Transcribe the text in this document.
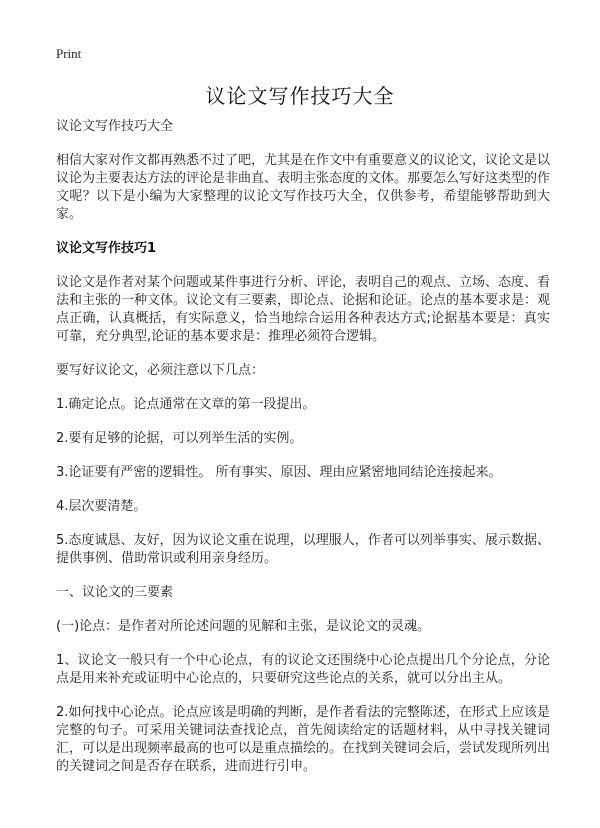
Print
议论文写作技巧大全

议论文写作技巧大全

相信大家对作文都再熟悉不过了吧，尤其是在作文中有重要意义的议论文，议论文是以议论为主要表达方法的评论是非曲直、表明主张态度的文体。那要怎么写好这类型的作文呢？以下是小编为大家整理的议论文写作技巧大全，仅供参考，希望能够帮助到大家。

议论文写作技巧1

议论文是作者对某个问题或某件事进行分析、评论，表明自己的观点、立场、态度、看法和主张的一种文体。议论文有三要素，即论点、论据和论证。论点的基本要求是：观点正确，认真概括，有实际意义，恰当地综合运用各种表达方式;论据基本要是：真实可靠，充分典型,论证的基本要求是：推理必须符合逻辑。

要写好议论文，必须注意以下几点：

1.确定论点。论点通常在文章的第一段提出。

2.要有足够的论据，可以列举生活的实例。

3.论证要有严密的逻辑性。 所有事实、原因、理由应紧密地同结论连接起来。

4.层次要清楚。

5.态度诚恳、友好，因为议论文重在说理，以理服人，作者可以列举事实、展示数据、提供事例、借助常识或利用亲身经历。

一、议论文的三要素

(一)论点：是作者对所论述问题的见解和主张，是议论文的灵魂。

1、议论文一般只有一个中心论点，有的议论文还围绕中心论点提出几个分论点，分论点是用来补充或证明中心论点的，只要研究这些论点的关系，就可以分出主从。

2.如何找中心论点。论点应该是明确的判断，是作者看法的完整陈述，在形式上应该是完整的句子。可采用关键词法查找论点，首先阅读给定的话题材料，从中寻找关键词汇，可以是出现频率最高的也可以是重点描绘的。在找到关键词会后，尝试发现所列出的关键词之间是否存在联系，进而进行引申。
